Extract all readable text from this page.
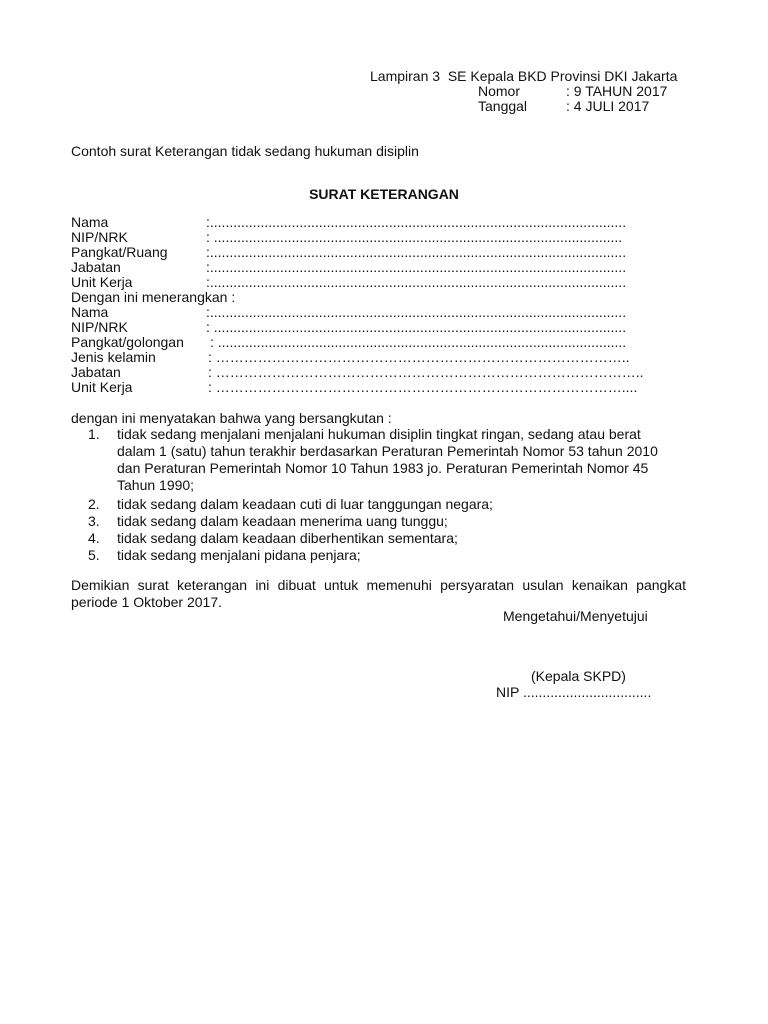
Lampiran 3  SE Kepala BKD Provinsi DKI Jakarta
Nomor	: 9 TAHUN 2017
Tanggal	: 4 JULI 2017
Contoh surat Keterangan tidak sedang hukuman disiplin
SURAT KETERANGAN
Nama	:...........................................................................................................
NIP/NRK	: .........................................................................................................
Pangkat/Ruang	:...........................................................................................................
Jabatan	:...........................................................................................................
Unit Kerja	:...........................................................................................................
Dengan ini menerangkan :
Nama	:...........................................................................................................
NIP/NRK	: ..........................................................................................................
Pangkat/golongan : .........................................................................................................
Jenis kelamin	: ……………………………………………………………………………..
Jabatan	: ………………………………………………………………………………..
Unit Kerja	: ……………………………………………………………………………....
dengan ini menyatakan bahwa yang bersangkutan :
1. tidak sedang menjalani menjalani hukuman disiplin tingkat ringan, sedang atau berat dalam 1 (satu) tahun terakhir berdasarkan Peraturan Pemerintah Nomor 53 tahun 2010 dan Peraturan Pemerintah Nomor 10 Tahun 1983 jo. Peraturan Pemerintah Nomor 45 Tahun 1990;
2. tidak sedang dalam keadaan cuti di luar tanggungan negara;
3. tidak sedang dalam keadaan menerima uang tunggu;
4. tidak sedang dalam keadaan diberhentikan sementara;
5. tidak sedang menjalani pidana penjara;
Demikian surat keterangan ini dibuat untuk memenuhi persyaratan usulan kenaikan pangkat periode 1 Oktober 2017.
Mengetahui/Menyetujui
(Kepala SKPD)
NIP .................................
